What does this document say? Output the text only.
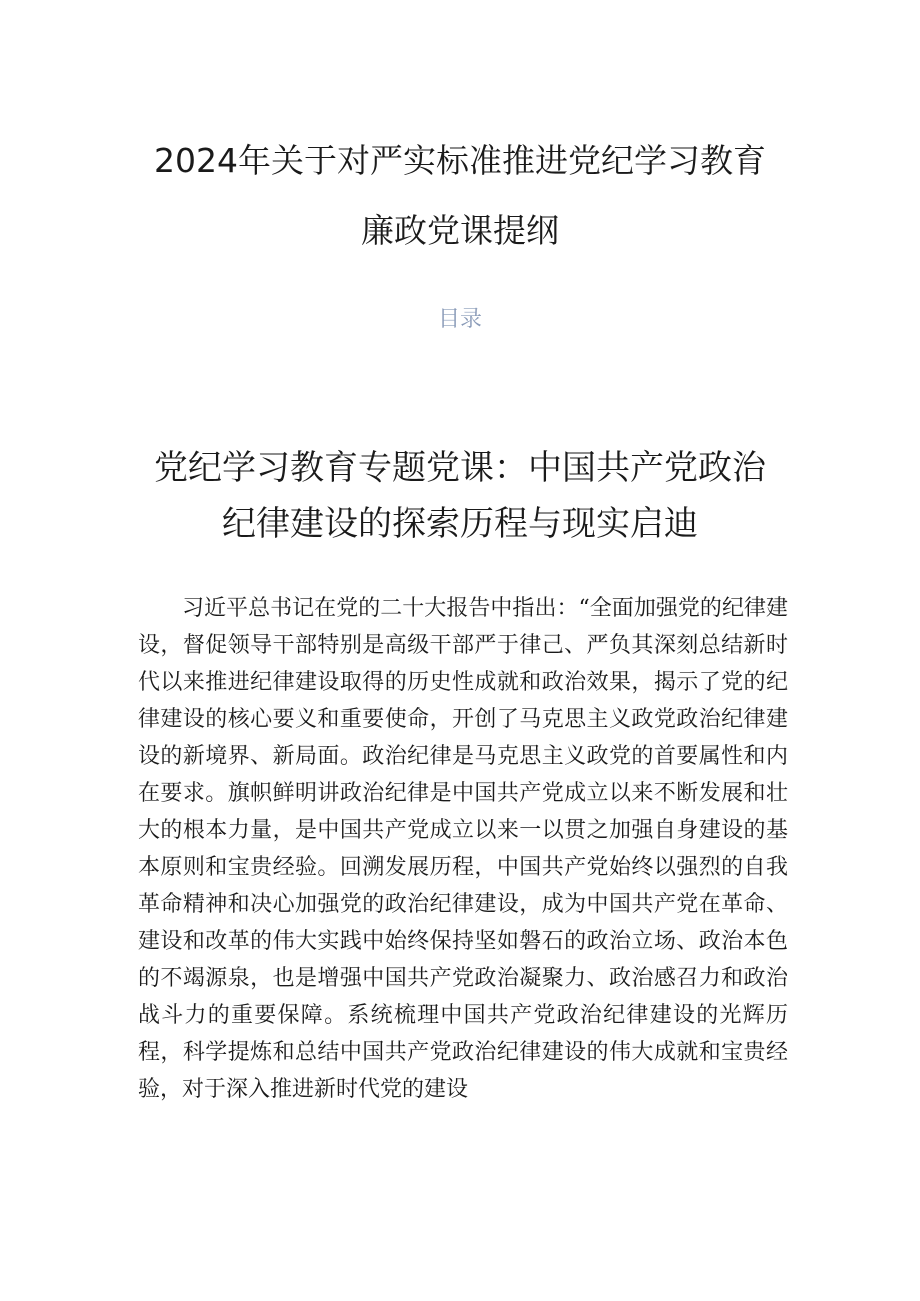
2024年关于对严实标准推进党纪学习教育
廉政党课提纲
目录
党纪学习教育专题党课：中国共产党政治
纪律建设的探索历程与现实启迪

习近平总书记在党的二十大报告中指出：“全面加强党的纪律建设，督促领导干部特别是高级干部严于律己、严负其深刻总结新时代以来推进纪律建设取得的历史性成就和政治效果，揭示了党的纪律建设的核心要义和重要使命，开创了马克思主义政党政治纪律建设的新境界、新局面。政治纪律是马克思主义政党的首要属性和内在要求。旗帜鲜明讲政治纪律是中国共产党成立以来不断发展和壮大的根本力量，是中国共产党成立以来一以贯之加强自身建设的基本原则和宝贵经验。回溯发展历程，中国共产党始终以强烈的自我革命精神和决心加强党的政治纪律建设，成为中国共产党在革命、建设和改革的伟大实践中始终保持坚如磐石的政治立场、政治本色的不竭源泉，也是增强中国共产党政治凝聚力、政治感召力和政治战斗力的重要保障。系统梳理中国共产党政治纪律建设的光辉历程，科学提炼和总结中国共产党政治纪律建设的伟大成就和宝贵经验，对于深入推进新时代党的建设
